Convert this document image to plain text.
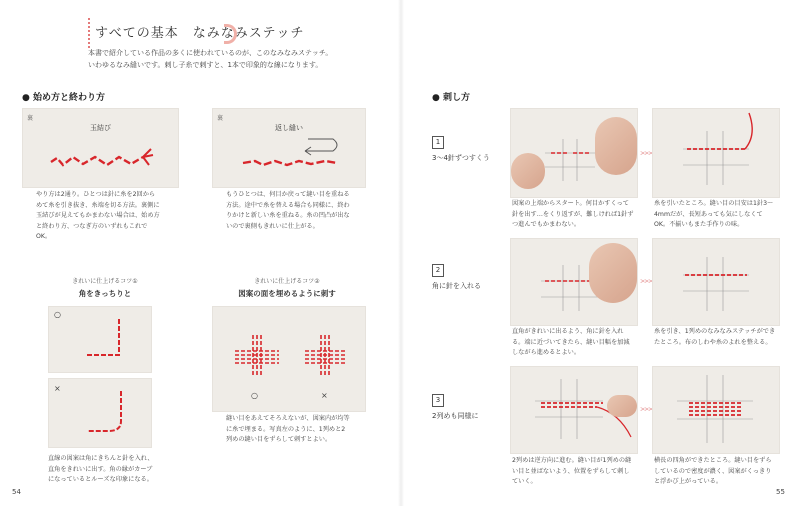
すべての基本　なみなみステッチ
本書で紹介している作品の多くに使われているのが、このなみなみステッチ。
いわゆるなみ縫いです。刺し子糸で刺すと、1本で印象的な線になります。
● 始め方と終わり方
裏
玉結び
裏
返し縫い
やり方は2通り。ひとつは針に糸を2回からめて糸を引き抜き、糸端を切る方法。裏側に玉結びが見えてもかまわない場合は、始め方と終わり方、つなぎ方のいずれもこれでOK。
もうひとつは、何目か戻って縫い目を重ねる方法。途中で糸を替える場合も同様に、終わりかけと新しい糸を重ねる。糸の凹凸が出ないので裏側もきれいに仕上がる。
きれいに仕上げるコツ①
角をきっちりと
きれいに仕上げるコツ②
図案の面を埋めるように刺す
○
×
○	×
直線の図案は角にきちんと針を入れ、直角をきれいに出す。角の縁がカーブになっているとルーズな印象になる。
縫い目をあえてそろえないが、図案内が均等に糸で埋まる。写真左のように、1列めと2列めの縫い目をずらして刺すとよい。
54
● 刺し方
1
3～4針ずつすくう
>>>
図案の上端からスタート。何目かすくって針を出す…をくり返すが、難しければ1針ずつ進んでもかまわない。
糸を引いたところ。縫い目の目安は1針3～4mmだが、長短あっても気にしなくてOK。不揃いもまた手作りの味。
2
角に針を入れる
>>>
直角がきれいに出るよう、角に針を入れる。端に近づいてきたら、縫い目幅を加減しながら進めるとよい。
糸を引き、1列めのなみなみステッチができたところ。布のしわや糸のよれを整える。
3
2列めも同様に
>>>
2列めは逆方向に進む。縫い目が1列めの縫い目と並ばないよう、位置をずらして刺していく。
横長の四角ができたところ。縫い目をずらしているので密度が濃く、図案がくっきりと浮かび上がっている。
55
